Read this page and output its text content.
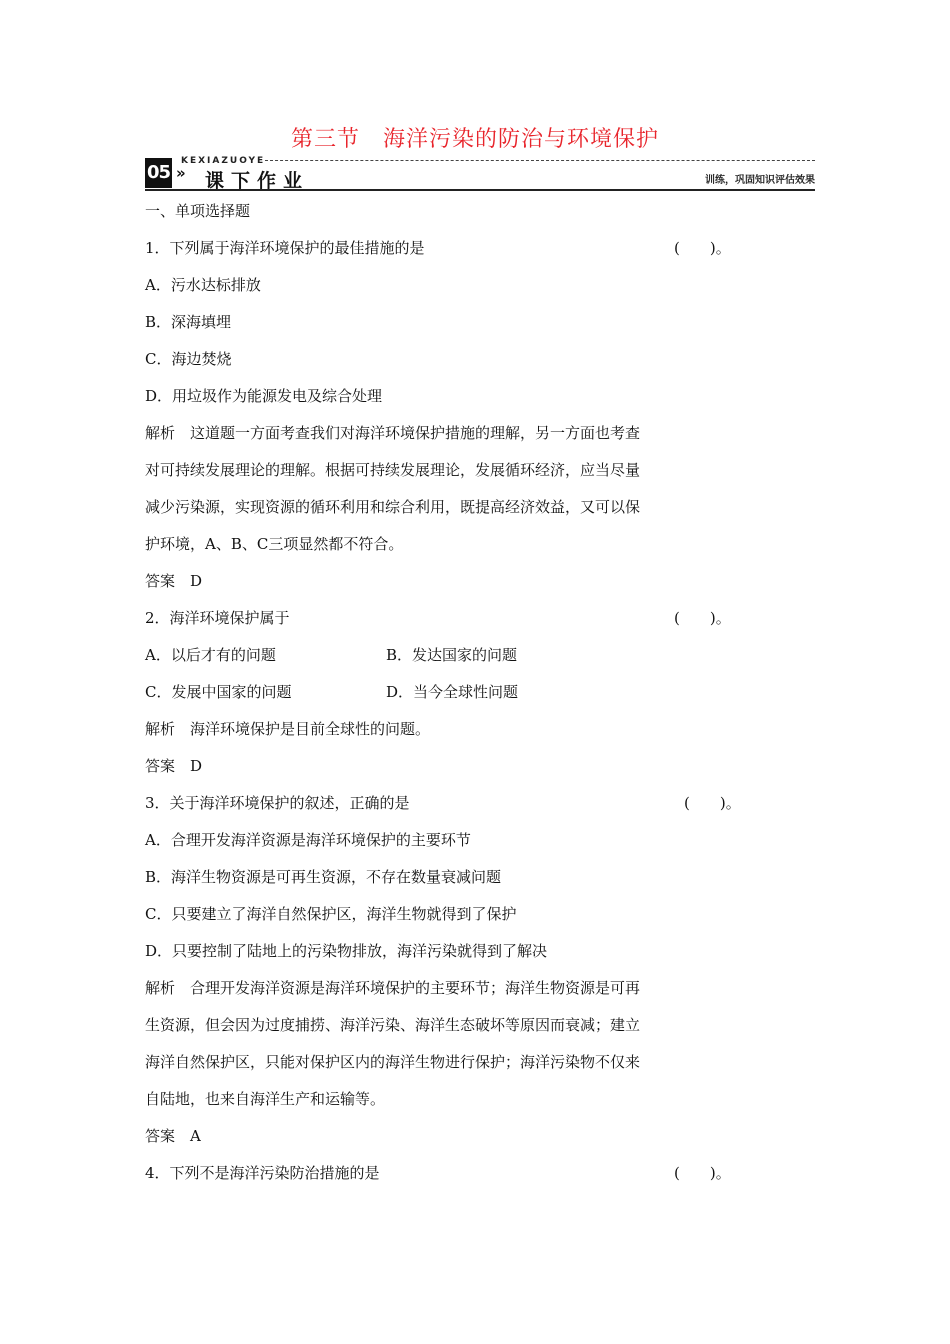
第三节　海洋污染的防治与环境保护
05 »
KEXIAZUOYE
课下作业	训练，巩固知识评估效果
一、单项选择题
1．下列属于海洋环境保护的最佳措施的是	(　　)。
A．污水达标排放
B．深海填埋
C．海边焚烧
D．用垃圾作为能源发电及综合处理
解析　这道题一方面考查我们对海洋环境保护措施的理解，另一方面也考查
对可持续发展理论的理解。根据可持续发展理论，发展循环经济，应当尽量
减少污染源，实现资源的循环利用和综合利用，既提高经济效益，又可以保
护环境，A、B、C三项显然都不符合。
答案　D
2．海洋环境保护属于	(　　)。
A．以后才有的问题	B．发达国家的问题
C．发展中国家的问题	D．当今全球性问题
解析　海洋环境保护是目前全球性的问题。
答案　D
3．关于海洋环境保护的叙述，正确的是	(　　)。
A．合理开发海洋资源是海洋环境保护的主要环节
B．海洋生物资源是可再生资源，不存在数量衰减问题
C．只要建立了海洋自然保护区，海洋生物就得到了保护
D．只要控制了陆地上的污染物排放，海洋污染就得到了解决
解析　合理开发海洋资源是海洋环境保护的主要环节；海洋生物资源是可再
生资源，但会因为过度捕捞、海洋污染、海洋生态破坏等原因而衰减；建立
海洋自然保护区，只能对保护区内的海洋生物进行保护；海洋污染物不仅来
自陆地，也来自海洋生产和运输等。
答案　A
4．下列不是海洋污染防治措施的是	(　　)。
